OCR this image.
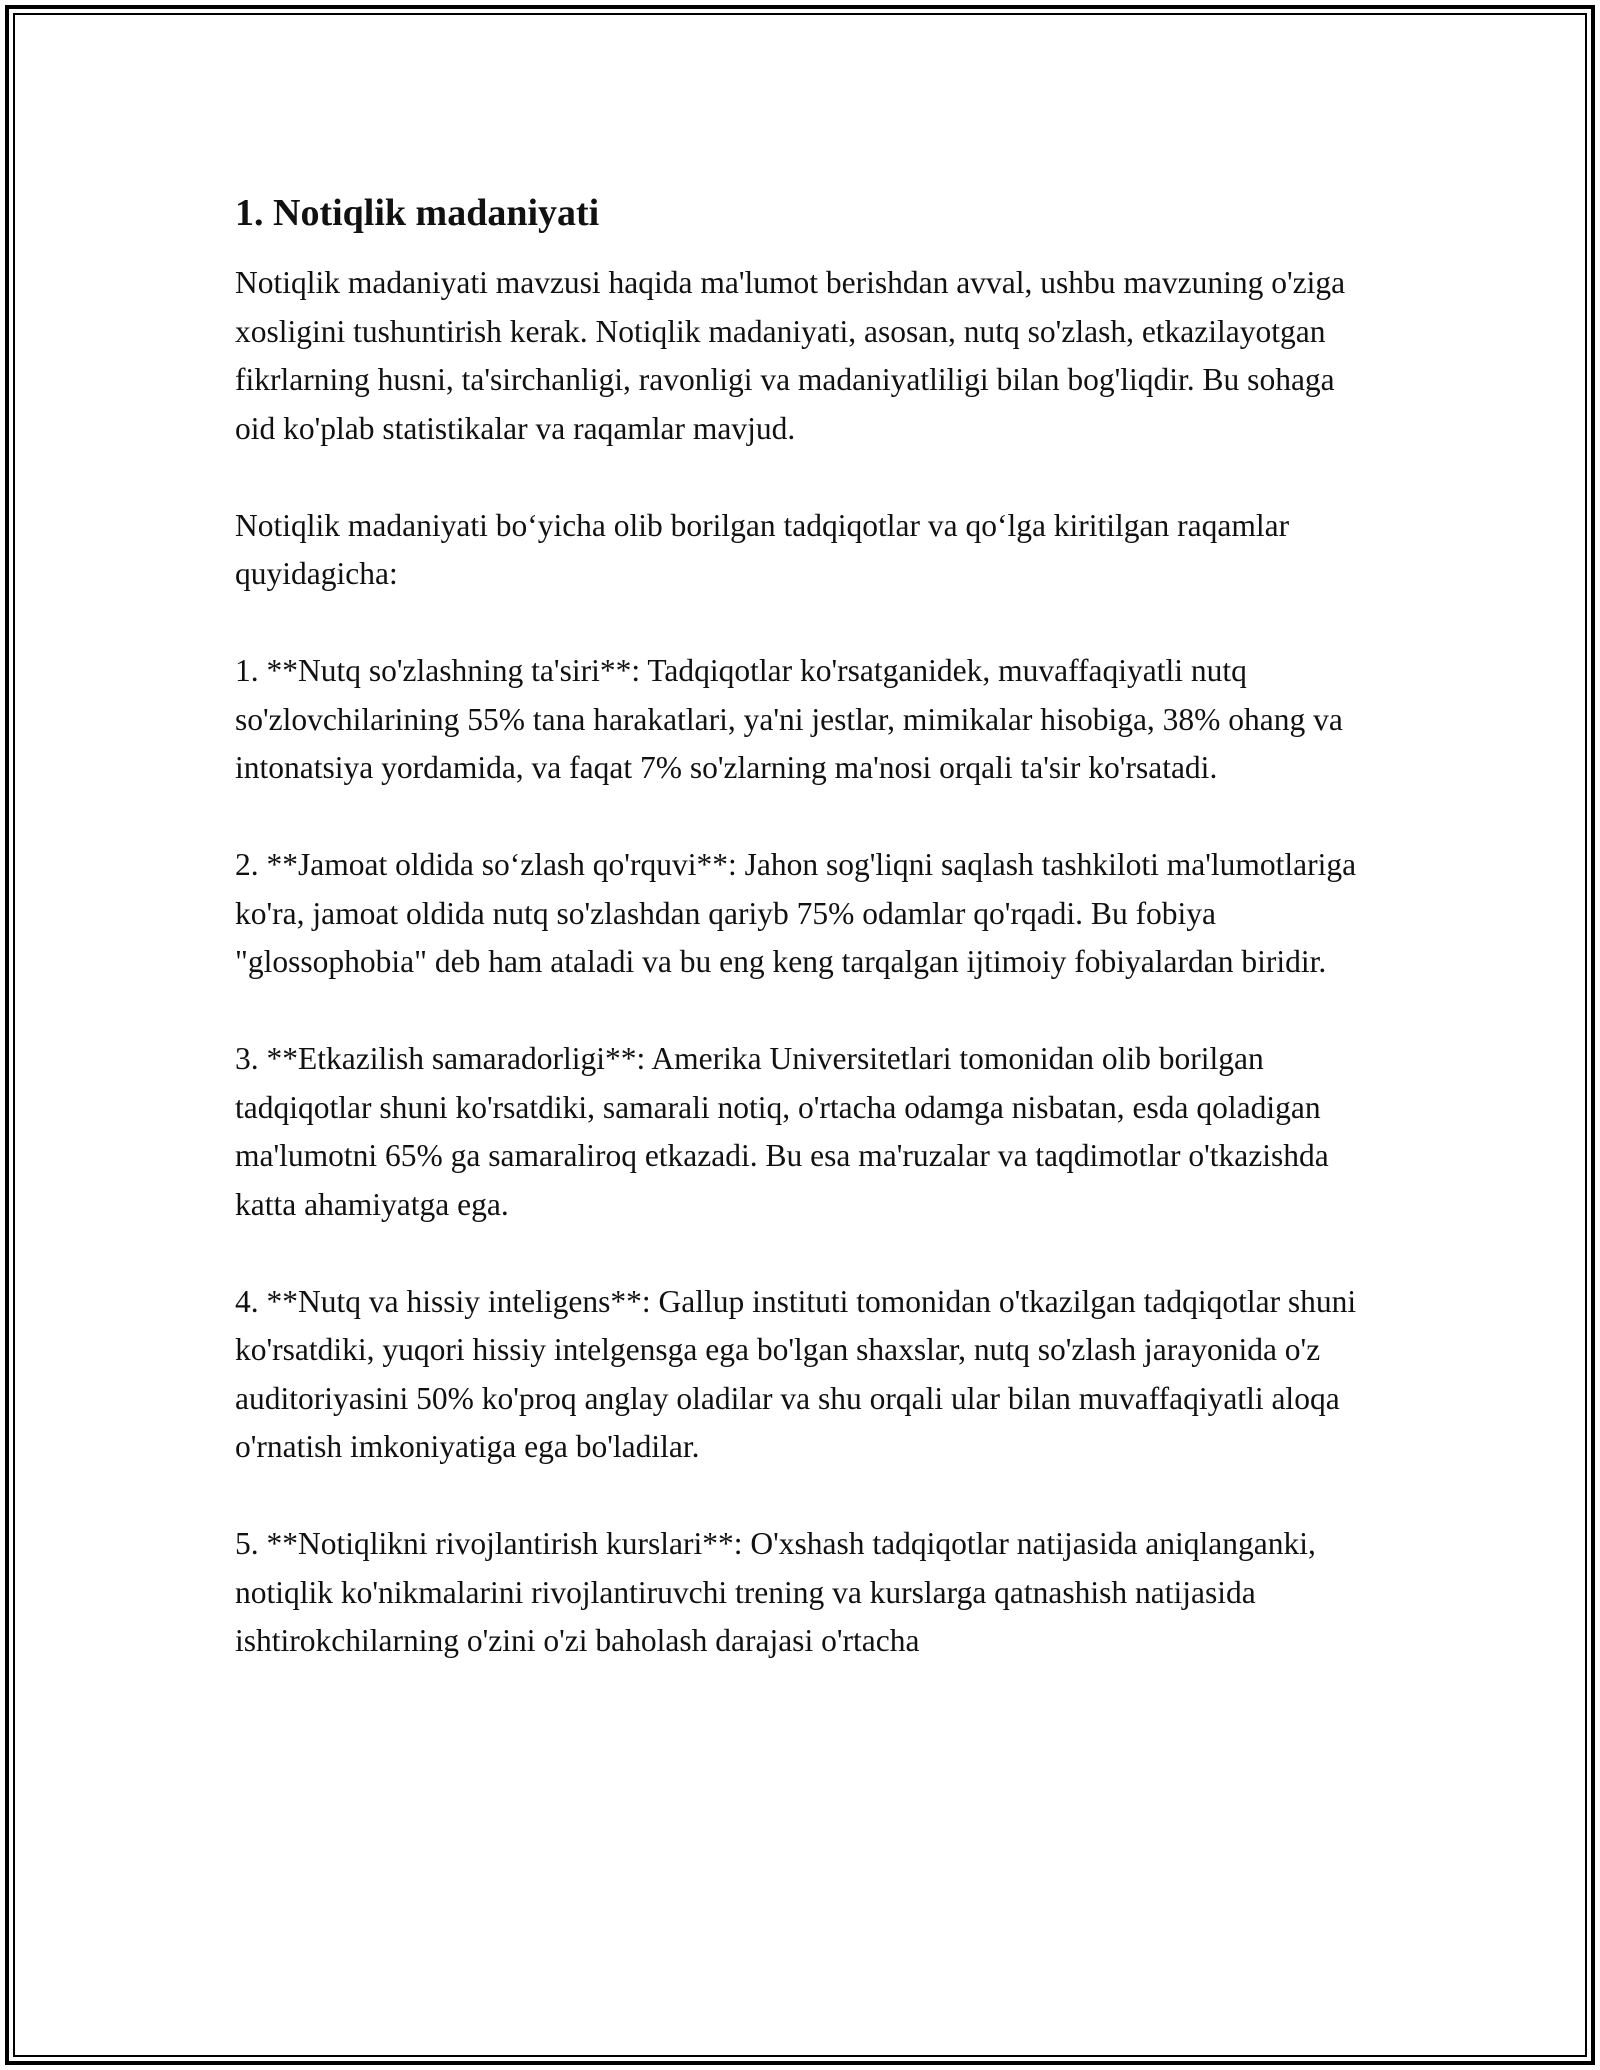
1. Notiqlik madaniyati

Notiqlik madaniyati mavzusi haqida ma'lumot berishdan avval, ushbu mavzuning o'ziga xosligini tushuntirish kerak. Notiqlik madaniyati, asosan, nutq so'zlash, etkazilayotgan fikrlarning husni, ta'sirchanligi, ravonligi va madaniyatliligi bilan bog'liqdir. Bu sohaga oid ko'plab statistikalar va raqamlar mavjud.

Notiqlik madaniyati bo‘yicha olib borilgan tadqiqotlar va qo‘lga kiritilgan raqamlar quyidagicha:

1. **Nutq so'zlashning ta'siri**: Tadqiqotlar ko'rsatganidek, muvaffaqiyatli nutq so'zlovchilarining 55% tana harakatlari, ya'ni jestlar, mimikalar hisobiga, 38% ohang va intonatsiya yordamida, va faqat 7% so'zlarning ma'nosi orqali ta'sir ko'rsatadi.

2. **Jamoat oldida so‘zlash qo'rquvi**: Jahon sog'liqni saqlash tashkiloti ma'lumotlariga ko'ra, jamoat oldida nutq so'zlashdan qariyb 75% odamlar qo'rqadi. Bu fobiya "glossophobia" deb ham ataladi va bu eng keng tarqalgan ijtimoiy fobiyalardan biridir.

3. **Etkazilish samaradorligi**: Amerika Universitetlari tomonidan olib borilgan tadqiqotlar shuni ko'rsatdiki, samarali notiq, o'rtacha odamga nisbatan, esda qoladigan ma'lumotni 65% ga samaraliroq etkazadi. Bu esa ma'ruzalar va taqdimotlar o'tkazishda katta ahamiyatga ega.

4. **Nutq va hissiy inteligens**: Gallup instituti tomonidan o'tkazilgan tadqiqotlar shuni ko'rsatdiki, yuqori hissiy intelgensga ega bo'lgan shaxslar, nutq so'zlash jarayonida o'z auditoriyasini 50% ko'proq anglay oladilar va shu orqali ular bilan muvaffaqiyatli aloqa o'rnatish imkoniyatiga ega bo'ladilar.

5. **Notiqlikni rivojlantirish kurslari**: O'xshash tadqiqotlar natijasida aniqlanganki, notiqlik ko'nikmalarini rivojlantiruvchi trening va kurslarga qatnashish natijasida ishtirokchilarning o'zini o'zi baholash darajasi o'rtacha
